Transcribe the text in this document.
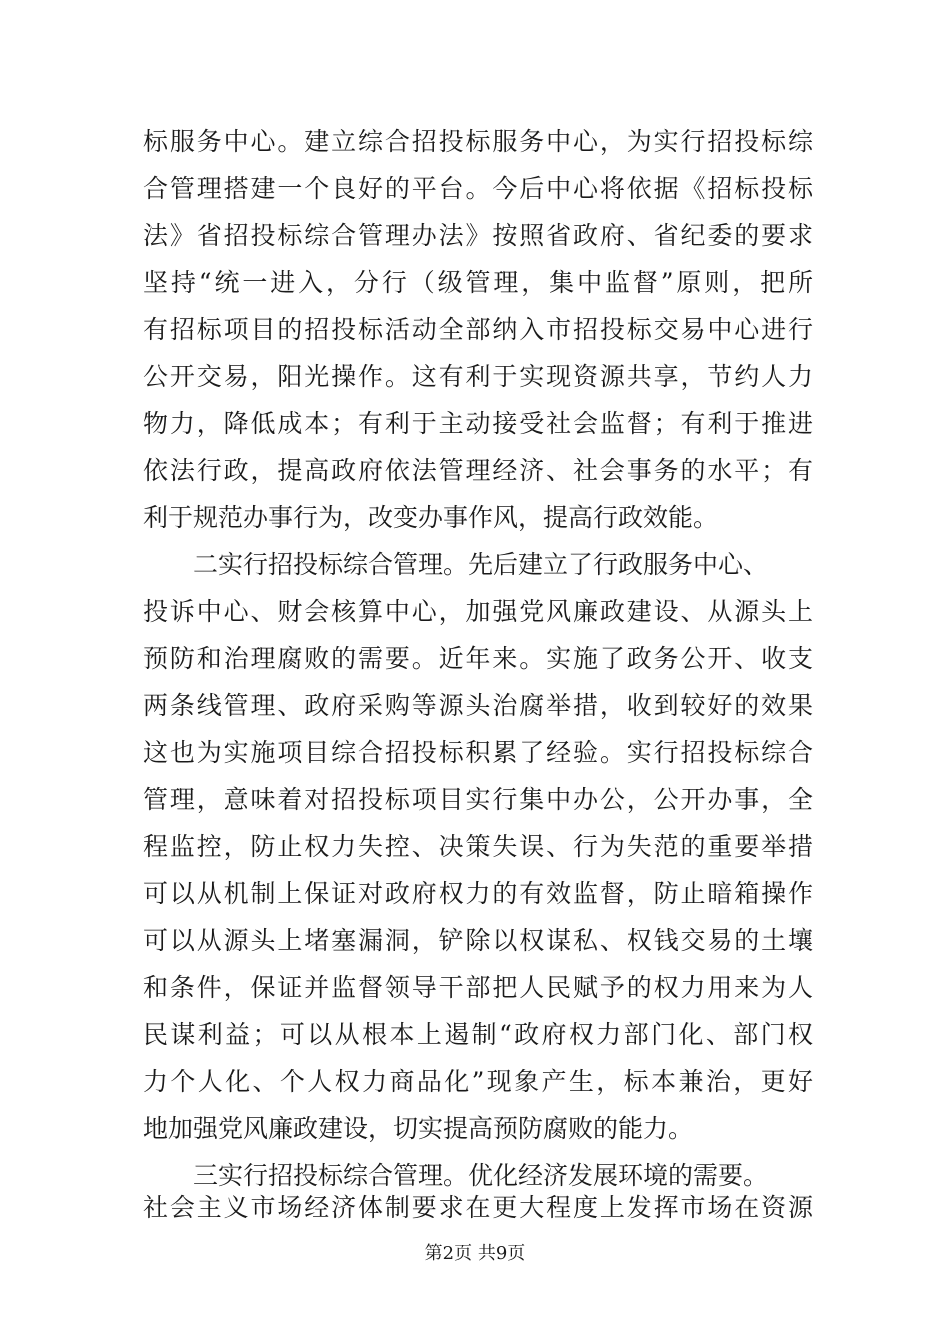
标服务中心。建立综合招投标服务中心，为实行招投标综
合管理搭建一个良好的平台。今后中心将依据《招标投标
法》省招投标综合管理办法》按照省政府、省纪委的要求
坚持“统一进入，分行（级管理，集中监督”原则，把所
有招标项目的招投标活动全部纳入市招投标交易中心进行
公开交易，阳光操作。这有利于实现资源共享，节约人力
物力，降低成本；有利于主动接受社会监督；有利于推进
依法行政，提高政府依法管理经济、社会事务的水平；有
利于规范办事行为，改变办事作风，提高行政效能。
二实行招投标综合管理。先后建立了行政服务中心、
投诉中心、财会核算中心，加强党风廉政建设、从源头上
预防和治理腐败的需要。近年来。实施了政务公开、收支
两条线管理、政府采购等源头治腐举措，收到较好的效果
这也为实施项目综合招投标积累了经验。实行招投标综合
管理，意味着对招投标项目实行集中办公，公开办事，全
程监控，防止权力失控、决策失误、行为失范的重要举措
可以从机制上保证对政府权力的有效监督，防止暗箱操作
可以从源头上堵塞漏洞，铲除以权谋私、权钱交易的土壤
和条件，保证并监督领导干部把人民赋予的权力用来为人
民谋利益；可以从根本上遏制“政府权力部门化、部门权
力个人化、个人权力商品化”现象产生，标本兼治，更好
地加强党风廉政建设，切实提高预防腐败的能力。
三实行招投标综合管理。优化经济发展环境的需要。
社会主义市场经济体制要求在更大程度上发挥市场在资源
第2页 共9页
